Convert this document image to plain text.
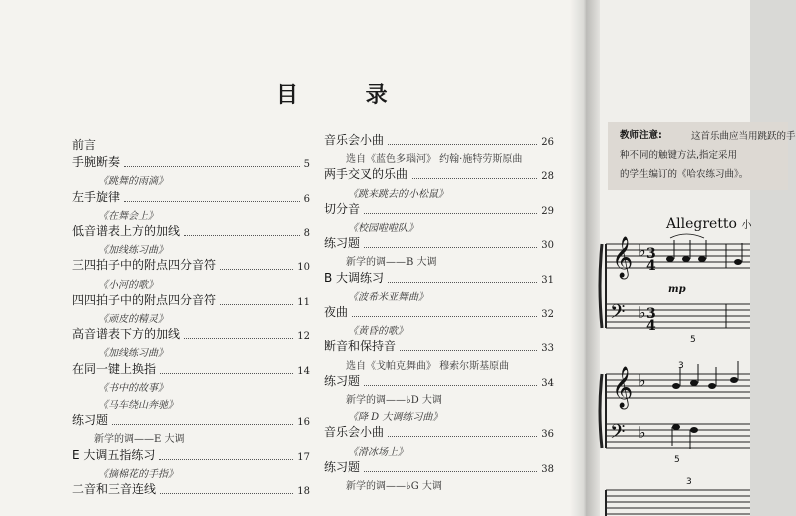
教师注意:	这首乐曲应当用跳跃的手
种不同的触键方法,指定采用
的学生编订的《哈农练习曲》。
Allegretto 小
𝄞 ♭ 3
4
mp
𝄢 ♭ 3
4
5
𝄞 ♭
3
𝄢 ♭
5
3
目 录
前言
手腕断奏	5
《跳舞的雨滴》
左手旋律	6
《在舞会上》
低音谱表上方的加线	8
《加线练习曲》
三四拍子中的附点四分音符	10
《小河的歌》
四四拍子中的附点四分音符	11
《顽皮的精灵》
高音谱表下方的加线	12
《加线练习曲》
在同一键上换指	14
《书中的故事》
《马车绕山奔驰》
练习题	16
新学的调——E 大调
E 大调五指练习	17
《摘棉花的手指》
二音和三音连线	18
音乐会小曲	26
选自《蓝色多瑙河》 约翰·施特劳斯原曲
两手交叉的乐曲	28
《跳来跳去的小松鼠》
切分音	29
《校园啦啦队》
练习题	30
新学的调——B 大调
B 大调练习	31
《波希米亚舞曲》
夜曲	32
《黄昏的歌》
断音和保持音	33
选自《戈帕克舞曲》 穆索尔斯基原曲
练习题	34
新学的调——♭D 大调
《降 D 大调练习曲》
音乐会小曲	36
《滑冰场上》
练习题	38
新学的调——♭G 大调
